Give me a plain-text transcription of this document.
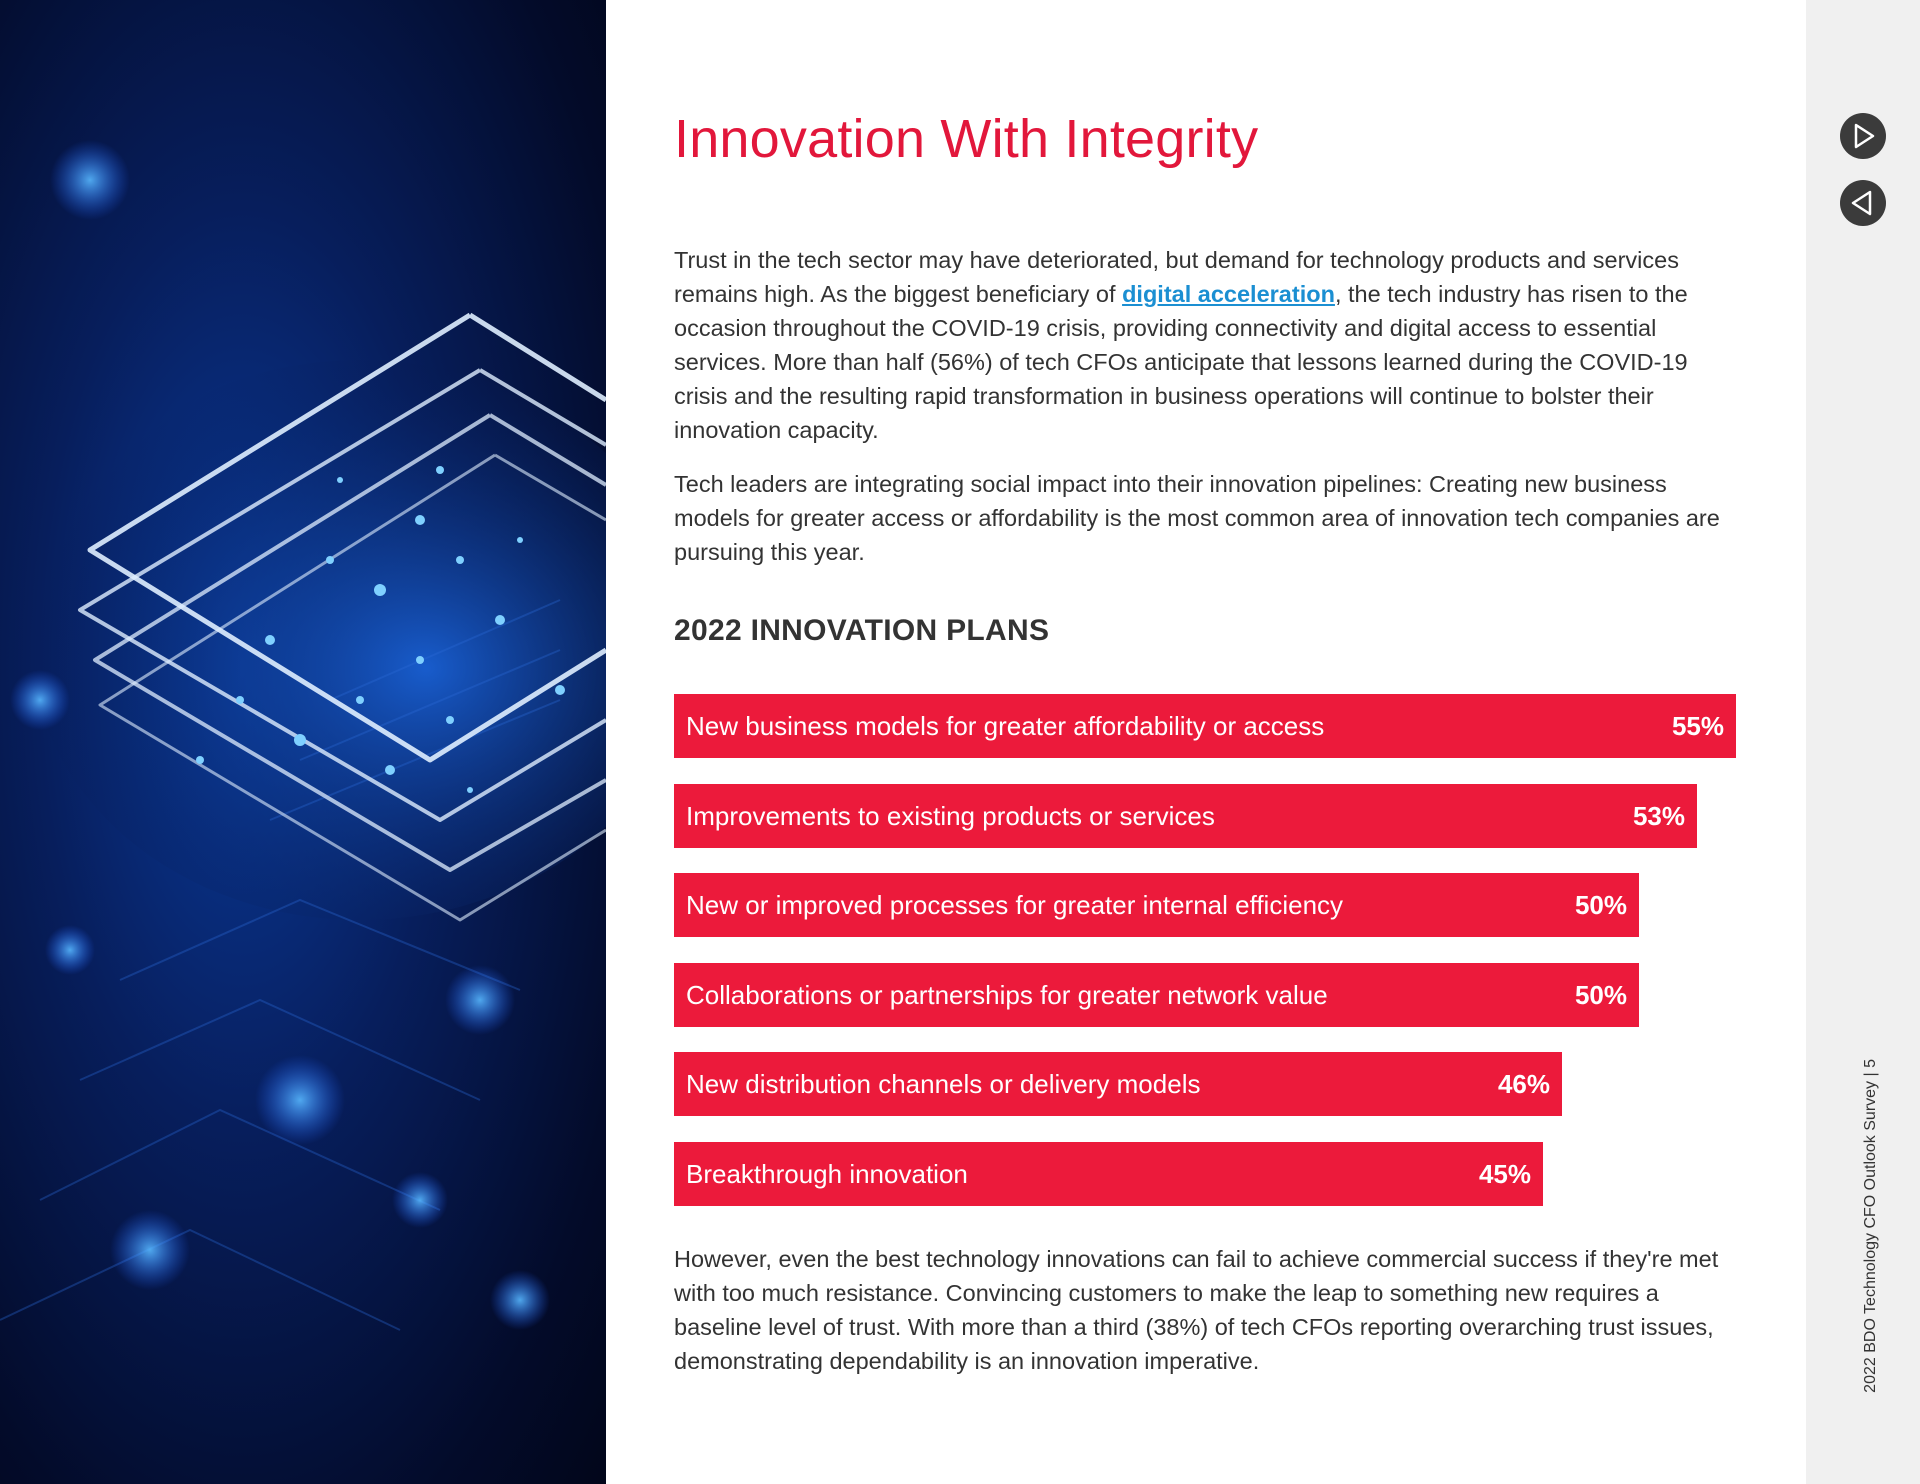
2022 BDO Technology CFO Outlook Survey | 5
Innovation With Integrity

Trust in the tech sector may have deteriorated, but demand for technology products and services remains high. As the biggest beneficiary of digital acceleration, the tech industry has risen to the occasion throughout the COVID-19 crisis, providing connectivity and digital access to essential services. More than half (56%) of tech CFOs anticipate that lessons learned during the COVID-19 crisis and the resulting rapid transformation in business operations will continue to bolster their innovation capacity.

Tech leaders are integrating social impact into their innovation pipelines: Creating new business models for greater access or affordability is the most common area of innovation tech companies are pursuing this year.

2022 INNOVATION PLANS
New business models for greater affordability or access	55%
Improvements to existing products or services	53%
New or improved processes for greater internal efficiency	50%
Collaborations or partnerships for greater network value	50%
New distribution channels or delivery models	46%
Breakthrough innovation	45%

However, even the best technology innovations can fail to achieve commercial success if they're met with too much resistance. Convincing customers to make the leap to something new requires a baseline level of trust. With more than a third (38%) of tech CFOs reporting overarching trust issues, demonstrating dependability is an innovation imperative.
